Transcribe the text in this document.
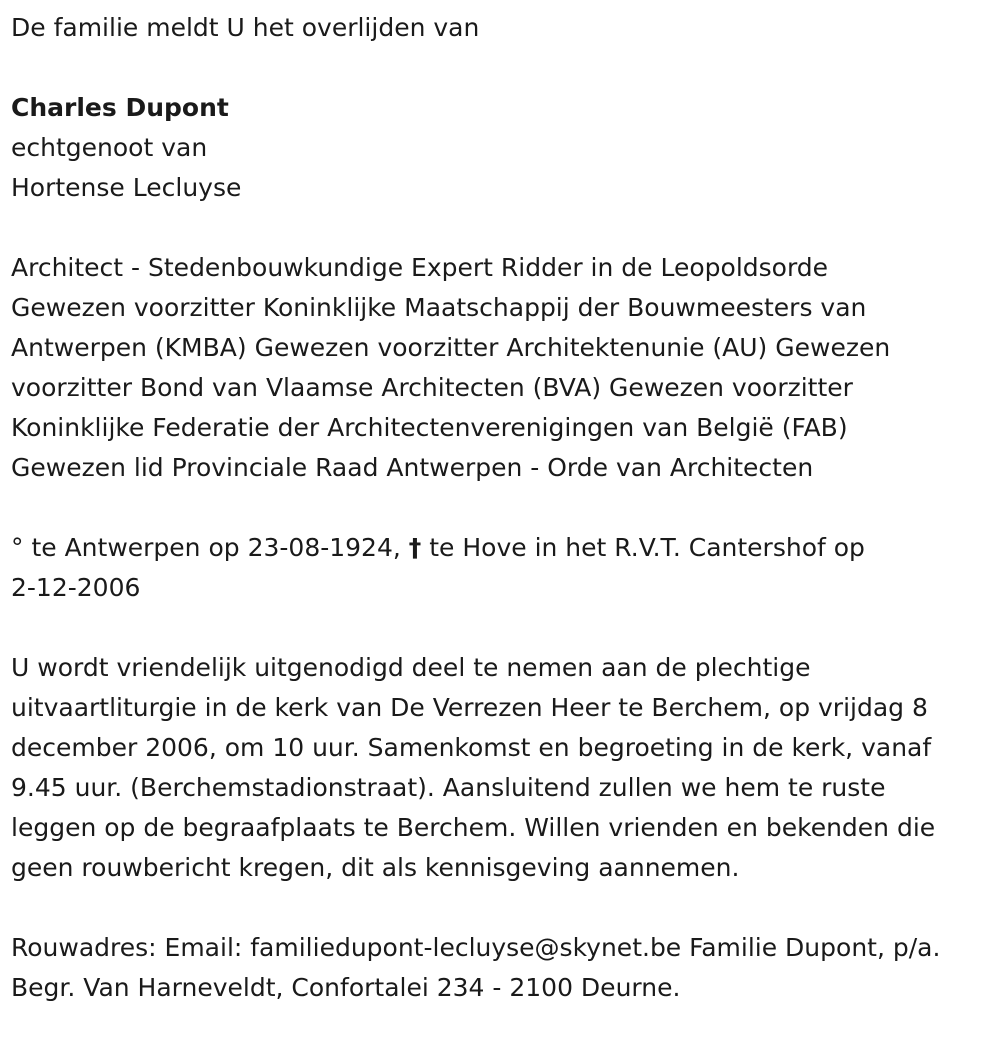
De familie meldt U het overlijden van

Charles Dupont

echtgenoot van

Hortense Lecluyse

Architect - Stedenbouwkundige Expert Ridder in de Leopoldsorde

Gewezen voorzitter Koninklijke Maatschappij der Bouwmeesters van

Antwerpen (KMBA) Gewezen voorzitter Architektenunie (AU) Gewezen

voorzitter Bond van Vlaamse Architecten (BVA) Gewezen voorzitter

Koninklijke Federatie der Architectenverenigingen van België (FAB)

Gewezen lid Provinciale Raad Antwerpen - Orde van Architecten

° te Antwerpen op 23-08-1924, † te Hove in het R.V.T. Cantershof op

2-12-2006

U wordt vriendelijk uitgenodigd deel te nemen aan de plechtige

uitvaartliturgie in de kerk van De Verrezen Heer te Berchem, op vrijdag 8

december 2006, om 10 uur. Samenkomst en begroeting in de kerk, vanaf

9.45 uur. (Berchemstadionstraat). Aansluitend zullen we hem te ruste

leggen op de begraafplaats te Berchem. Willen vrienden en bekenden die

geen rouwbericht kregen, dit als kennisgeving aannemen.

Rouwadres: Email: familiedupont-lecluyse@skynet.be Familie Dupont, p/a.

Begr. Van Harneveldt, Confortalei 234 - 2100 Deurne.
